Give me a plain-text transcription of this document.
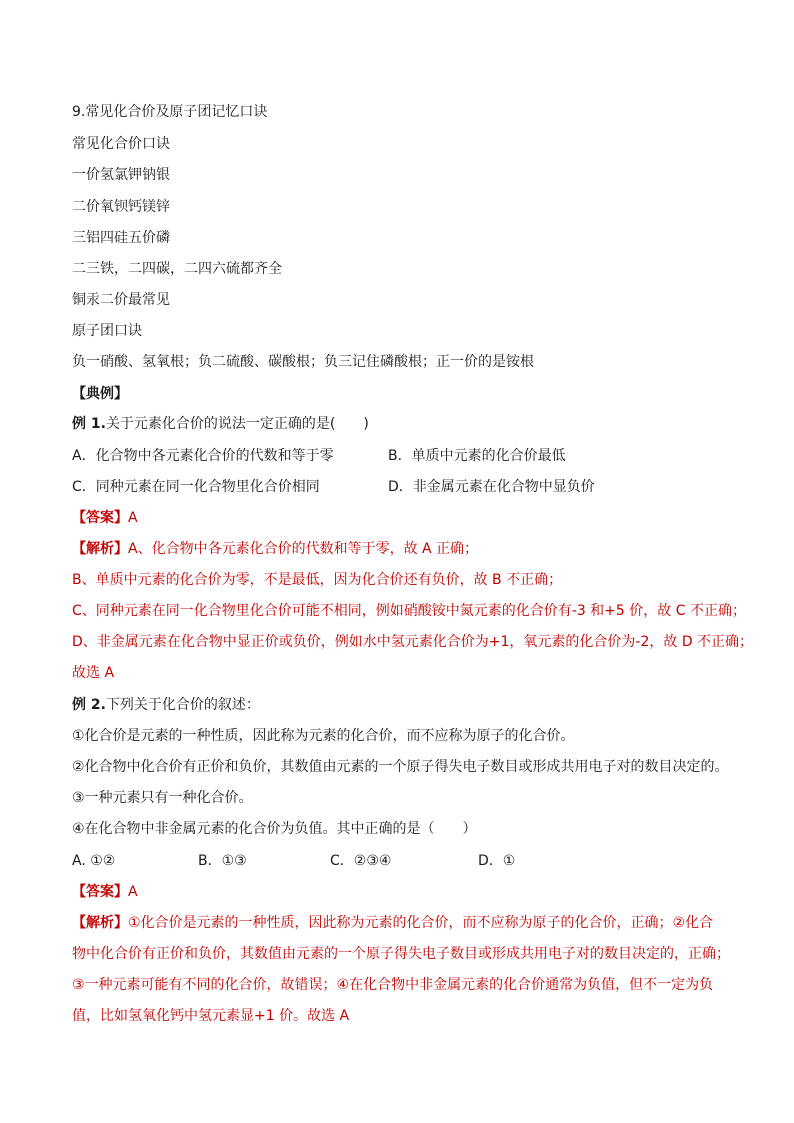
9.常见化合价及原子团记忆口诀
常见化合价口诀
一价氢氯钾钠银
二价氧钡钙镁锌
三铝四硅五价磷
二三铁，二四碳，二四六硫都齐全
铜汞二价最常见
原子团口诀
负一硝酸、氢氧根；负二硫酸、碳酸根；负三记住磷酸根；正一价的是铵根
【典例】
例 1.关于元素化合价的说法一定正确的是(　　)
A．化合物中各元素化合价的代数和等于零	B．单质中元素的化合价最低
C．同种元素在同一化合物里化合价相同	D．非金属元素在化合物中显负价
【答案】A
【解析】A、化合物中各元素化合价的代数和等于零，故 A 正确；
B、单质中元素的化合价为零，不是最低，因为化合价还有负价，故 B 不正确；
C、同种元素在同一化合物里化合价可能不相同，例如硝酸铵中氮元素的化合价有-3 和+5 价，故 C 不正确；
D、非金属元素在化合物中显正价或负价，例如水中氢元素化合价为+1，氧元素的化合价为-2，故 D 不正确；
故选 A
例 2.下列关于化合价的叙述：
①化合价是元素的一种性质，因此称为元素的化合价，而不应称为原子的化合价。
②化合物中化合价有正价和负价，其数值由元素的一个原子得失电子数目或形成共用电子对的数目决定的。
③一种元素只有一种化合价。
④在化合物中非金属元素的化合价为负值。其中正确的是（　　）
A. ①②	B．①③	C．②③④	D．①
【答案】A
【解析】①化合价是元素的一种性质，因此称为元素的化合价，而不应称为原子的化合价，正确；②化合
物中化合价有正价和负价，其数值由元素的一个原子得失电子数目或形成共用电子对的数目决定的，正确；
③一种元素可能有不同的化合价，故错误；④在化合物中非金属元素的化合价通常为负值，但不一定为负
值，比如氢氧化钙中氢元素显+1 价。故选 A
